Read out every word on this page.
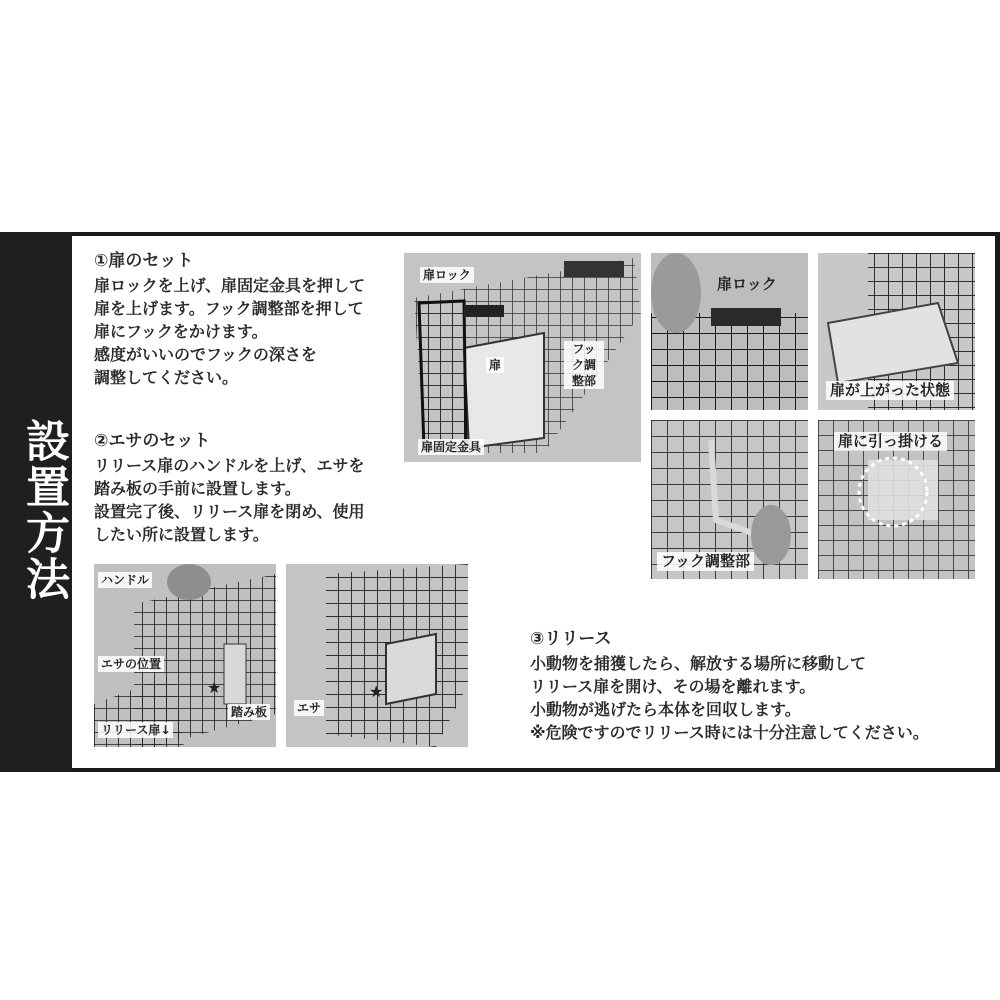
設置方法
①扉のセット
扉ロックを上げ、扉固定金具を押して
扉を上げます。フック調整部を押して
扉にフックをかけます。
感度がいいのでフックの深さを
調整してください。
②エサのセット
リリース扉のハンドルを上げ、エサを
踏み板の手前に設置します。
設置完了後、リリース扉を閉め、使用
したい所に設置します。
③リリース
小動物を捕獲したら、解放する場所に移動して
リリース扉を開け、その場を離れます。
小動物が逃げたら本体を回収します。
※危険ですのでリリース時には十分注意してください。
扉ロック
扉
フック調整部
扉固定金具
扉ロック
扉が上がった状態
フック調整部
扉に引っ掛ける
ハンドル
エサの位置
★
踏み板
リリース扉↓
エサ
★
